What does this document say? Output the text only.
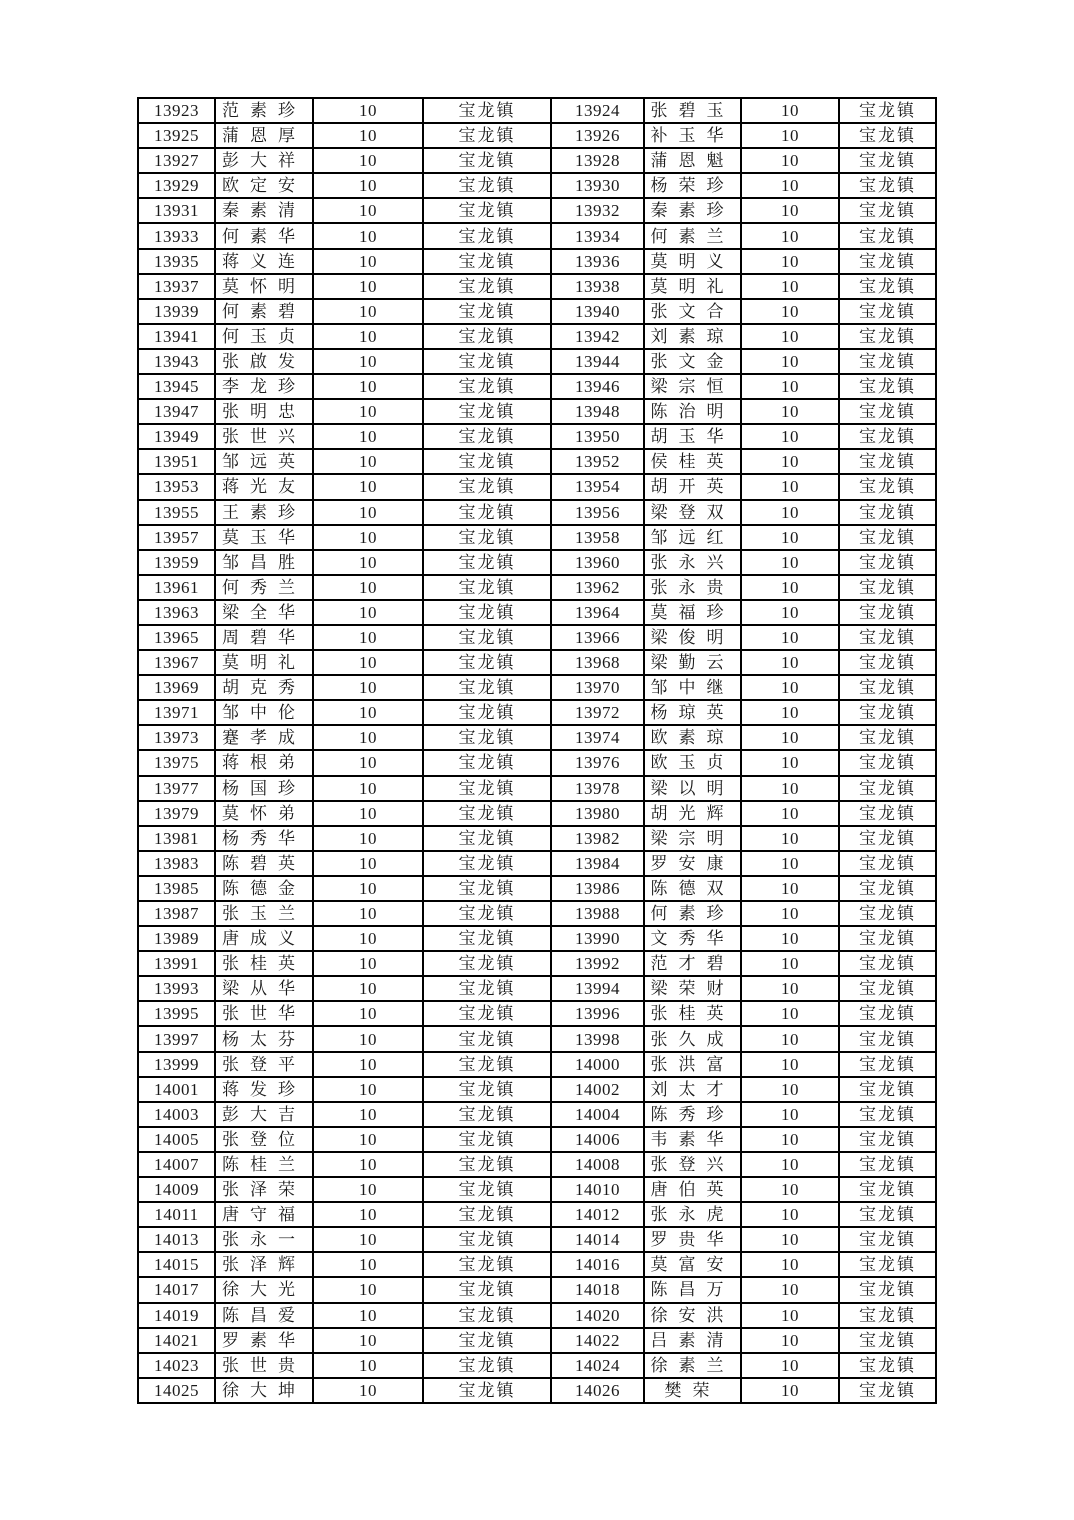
13923	范素珍	10	宝龙镇	13924	张碧玉	10	宝龙镇
13925	蒲恩厚	10	宝龙镇	13926	补玉华	10	宝龙镇
13927	彭大祥	10	宝龙镇	13928	蒲恩魁	10	宝龙镇
13929	欧定安	10	宝龙镇	13930	杨荣珍	10	宝龙镇
13931	秦素清	10	宝龙镇	13932	秦素珍	10	宝龙镇
13933	何素华	10	宝龙镇	13934	何素兰	10	宝龙镇
13935	蒋义连	10	宝龙镇	13936	莫明义	10	宝龙镇
13937	莫怀明	10	宝龙镇	13938	莫明礼	10	宝龙镇
13939	何素碧	10	宝龙镇	13940	张文合	10	宝龙镇
13941	何玉贞	10	宝龙镇	13942	刘素琼	10	宝龙镇
13943	张啟发	10	宝龙镇	13944	张文金	10	宝龙镇
13945	李龙珍	10	宝龙镇	13946	梁宗恒	10	宝龙镇
13947	张明忠	10	宝龙镇	13948	陈治明	10	宝龙镇
13949	张世兴	10	宝龙镇	13950	胡玉华	10	宝龙镇
13951	邹远英	10	宝龙镇	13952	侯桂英	10	宝龙镇
13953	蒋光友	10	宝龙镇	13954	胡开英	10	宝龙镇
13955	王素珍	10	宝龙镇	13956	梁登双	10	宝龙镇
13957	莫玉华	10	宝龙镇	13958	邹远红	10	宝龙镇
13959	邹昌胜	10	宝龙镇	13960	张永兴	10	宝龙镇
13961	何秀兰	10	宝龙镇	13962	张永贵	10	宝龙镇
13963	梁全华	10	宝龙镇	13964	莫福珍	10	宝龙镇
13965	周碧华	10	宝龙镇	13966	梁俊明	10	宝龙镇
13967	莫明礼	10	宝龙镇	13968	梁勤云	10	宝龙镇
13969	胡克秀	10	宝龙镇	13970	邹中继	10	宝龙镇
13971	邹中伦	10	宝龙镇	13972	杨琼英	10	宝龙镇
13973	蹇孝成	10	宝龙镇	13974	欧素琼	10	宝龙镇
13975	蒋根弟	10	宝龙镇	13976	欧玉贞	10	宝龙镇
13977	杨国珍	10	宝龙镇	13978	梁以明	10	宝龙镇
13979	莫怀弟	10	宝龙镇	13980	胡光辉	10	宝龙镇
13981	杨秀华	10	宝龙镇	13982	梁宗明	10	宝龙镇
13983	陈碧英	10	宝龙镇	13984	罗安康	10	宝龙镇
13985	陈德金	10	宝龙镇	13986	陈德双	10	宝龙镇
13987	张玉兰	10	宝龙镇	13988	何素珍	10	宝龙镇
13989	唐成义	10	宝龙镇	13990	文秀华	10	宝龙镇
13991	张桂英	10	宝龙镇	13992	范才碧	10	宝龙镇
13993	梁从华	10	宝龙镇	13994	梁荣财	10	宝龙镇
13995	张世华	10	宝龙镇	13996	张桂英	10	宝龙镇
13997	杨太芬	10	宝龙镇	13998	张久成	10	宝龙镇
13999	张登平	10	宝龙镇	14000	张洪富	10	宝龙镇
14001	蒋发珍	10	宝龙镇	14002	刘太才	10	宝龙镇
14003	彭大吉	10	宝龙镇	14004	陈秀珍	10	宝龙镇
14005	张登位	10	宝龙镇	14006	韦素华	10	宝龙镇
14007	陈桂兰	10	宝龙镇	14008	张登兴	10	宝龙镇
14009	张泽荣	10	宝龙镇	14010	唐伯英	10	宝龙镇
14011	唐守福	10	宝龙镇	14012	张永虎	10	宝龙镇
14013	张永一	10	宝龙镇	14014	罗贵华	10	宝龙镇
14015	张泽辉	10	宝龙镇	14016	莫富安	10	宝龙镇
14017	徐大光	10	宝龙镇	14018	陈昌万	10	宝龙镇
14019	陈昌爱	10	宝龙镇	14020	徐安洪	10	宝龙镇
14021	罗素华	10	宝龙镇	14022	吕素清	10	宝龙镇
14023	张世贵	10	宝龙镇	14024	徐素兰	10	宝龙镇
14025	徐大坤	10	宝龙镇	14026	樊荣	10	宝龙镇
